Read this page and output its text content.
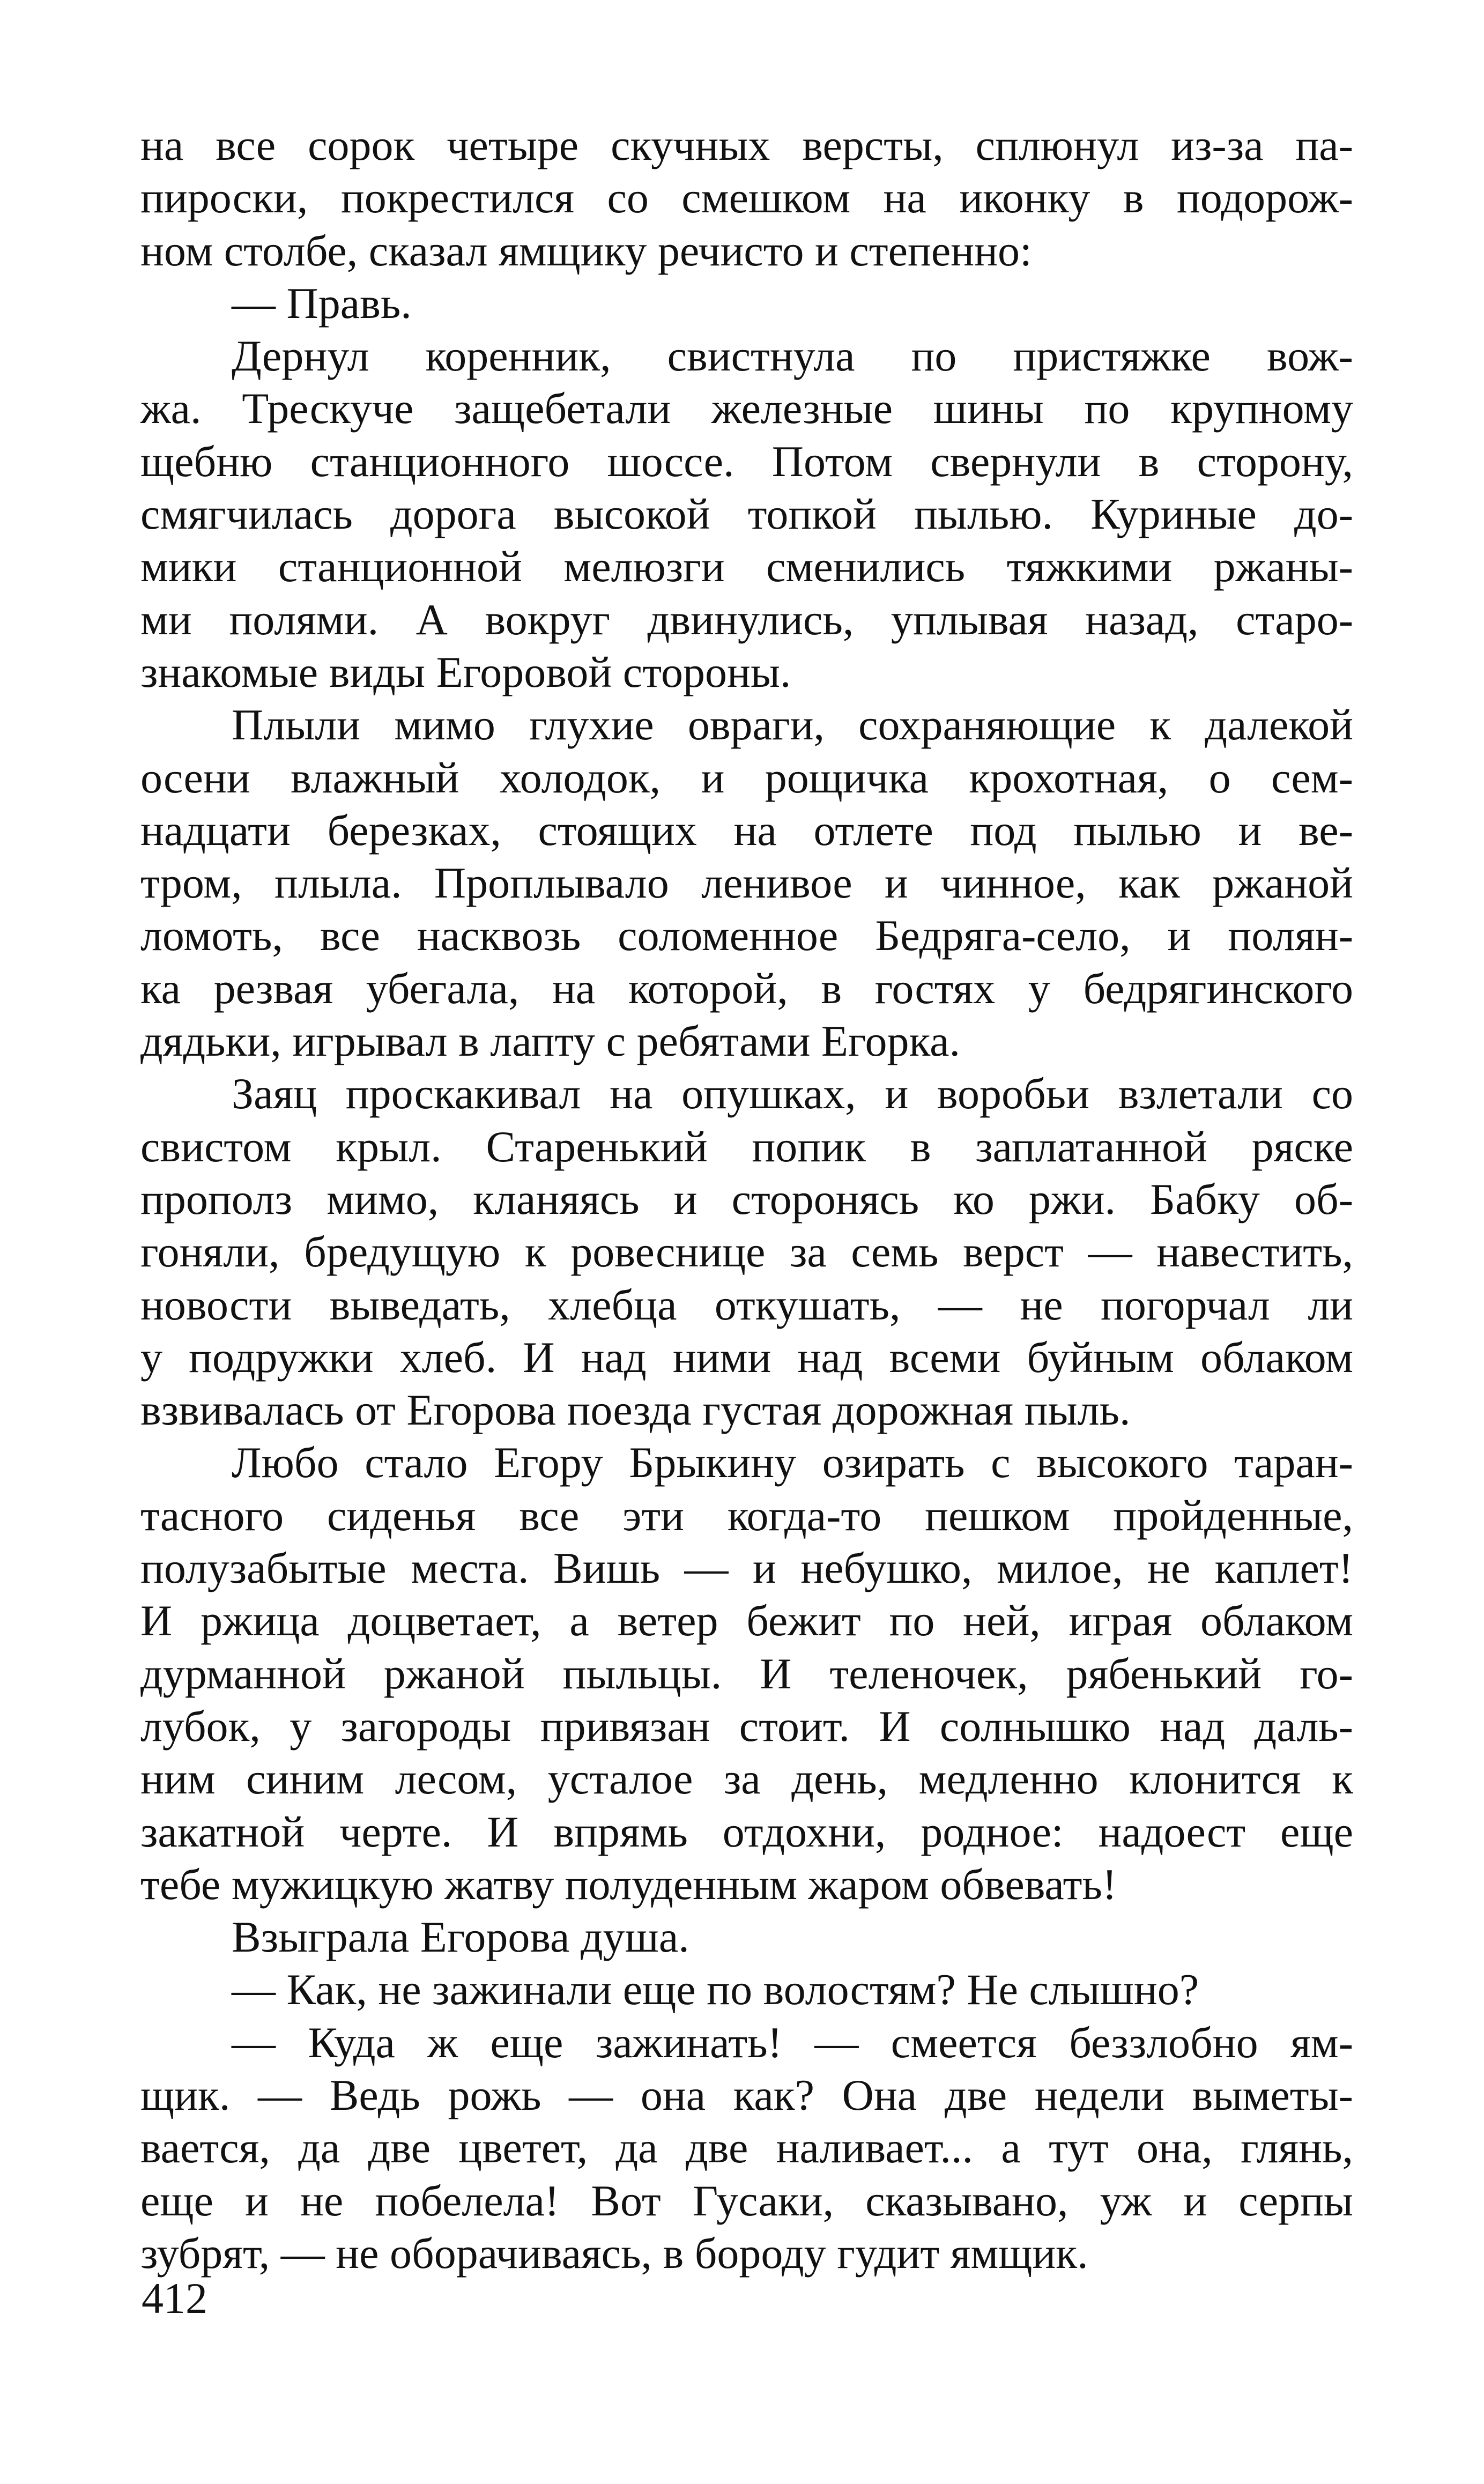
на все сорок четыре скучных версты, сплюнул из-за па-
пироски, покрестился со смешком на иконку в подорож-
ном столбе, сказал ямщику речисто и степенно:
— Правь.
Дернул коренник, свистнула по пристяжке вож-
жа. Трескуче защебетали железные шины по крупному
щебню станционного шоссе. Потом свернули в сторону,
смягчилась дорога высокой топкой пылью. Куриные до-
мики станционной мелюзги сменились тяжкими ржаны-
ми полями. А вокруг двинулись, уплывая назад, старо-
знакомые виды Егоровой стороны.
Плыли мимо глухие овраги, сохраняющие к далекой
осени влажный холодок, и рощичка крохотная, о сем-
надцати березках, стоящих на отлете под пылью и ве-
тром, плыла. Проплывало ленивое и чинное, как ржаной
ломоть, все насквозь соломенное Бедряга-село, и полян-
ка резвая убегала, на которой, в гостях у бедрягинского
дядьки, игрывал в лапту с ребятами Егорка.
Заяц проскакивал на опушках, и воробьи взлетали со
свистом крыл. Старенький попик в заплатанной ряске
прополз мимо, кланяясь и сторонясь ко ржи. Бабку об-
гоняли, бредущую к ровеснице за семь верст — навестить,
новости выведать, хлебца откушать, — не погорчал ли
у подружки хлеб. И над ними над всеми буйным облаком
взвивалась от Егорова поезда густая дорожная пыль.
Любо стало Егору Брыкину озирать с высокого таран-
тасного сиденья все эти когда-то пешком пройденные,
полузабытые места. Вишь — и небушко, милое, не каплет!
И ржица доцветает, а ветер бежит по ней, играя облаком
дурманной ржаной пыльцы. И теленочек, рябенький го-
лубок, у загороды привязан стоит. И солнышко над даль-
ним синим лесом, усталое за день, медленно клонится к
закатной черте. И впрямь отдохни, родное: надоест еще
тебе мужицкую жатву полуденным жаром обвевать!
Взыграла Егорова душа.
— Как, не зажинали еще по волостям? Не слышно?
— Куда ж еще зажинать! — смеется беззлобно ям-
щик. — Ведь рожь — она как? Она две недели выметы-
вается, да две цветет, да две наливает... а тут она, глянь,
еще и не побелела! Вот Гусаки, сказывано, уж и серпы
зубрят, — не оборачиваясь, в бороду гудит ямщик.
412
